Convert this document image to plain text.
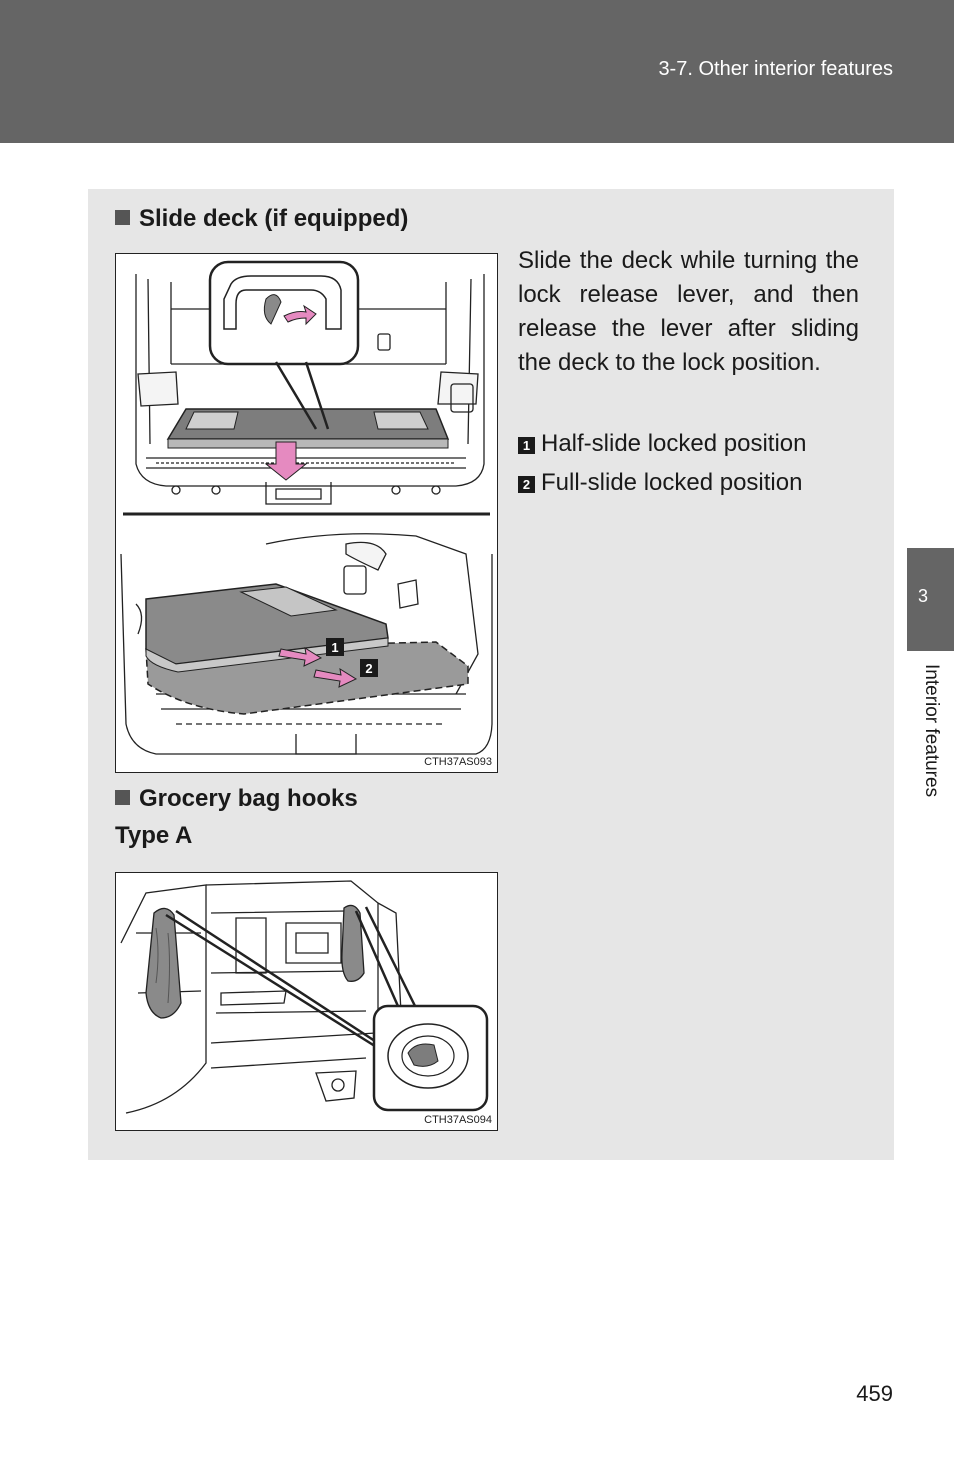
3-7. Other interior features
3
Interior features
Slide deck (if equipped)
1
2
CTH37AS093
Slide the deck while turning the lock release lever, and then release the lever after sliding the deck to the lock position.
1 Half-slide locked position
2 Full-slide locked position
Grocery bag hooks
Type A
CTH37AS094
459
